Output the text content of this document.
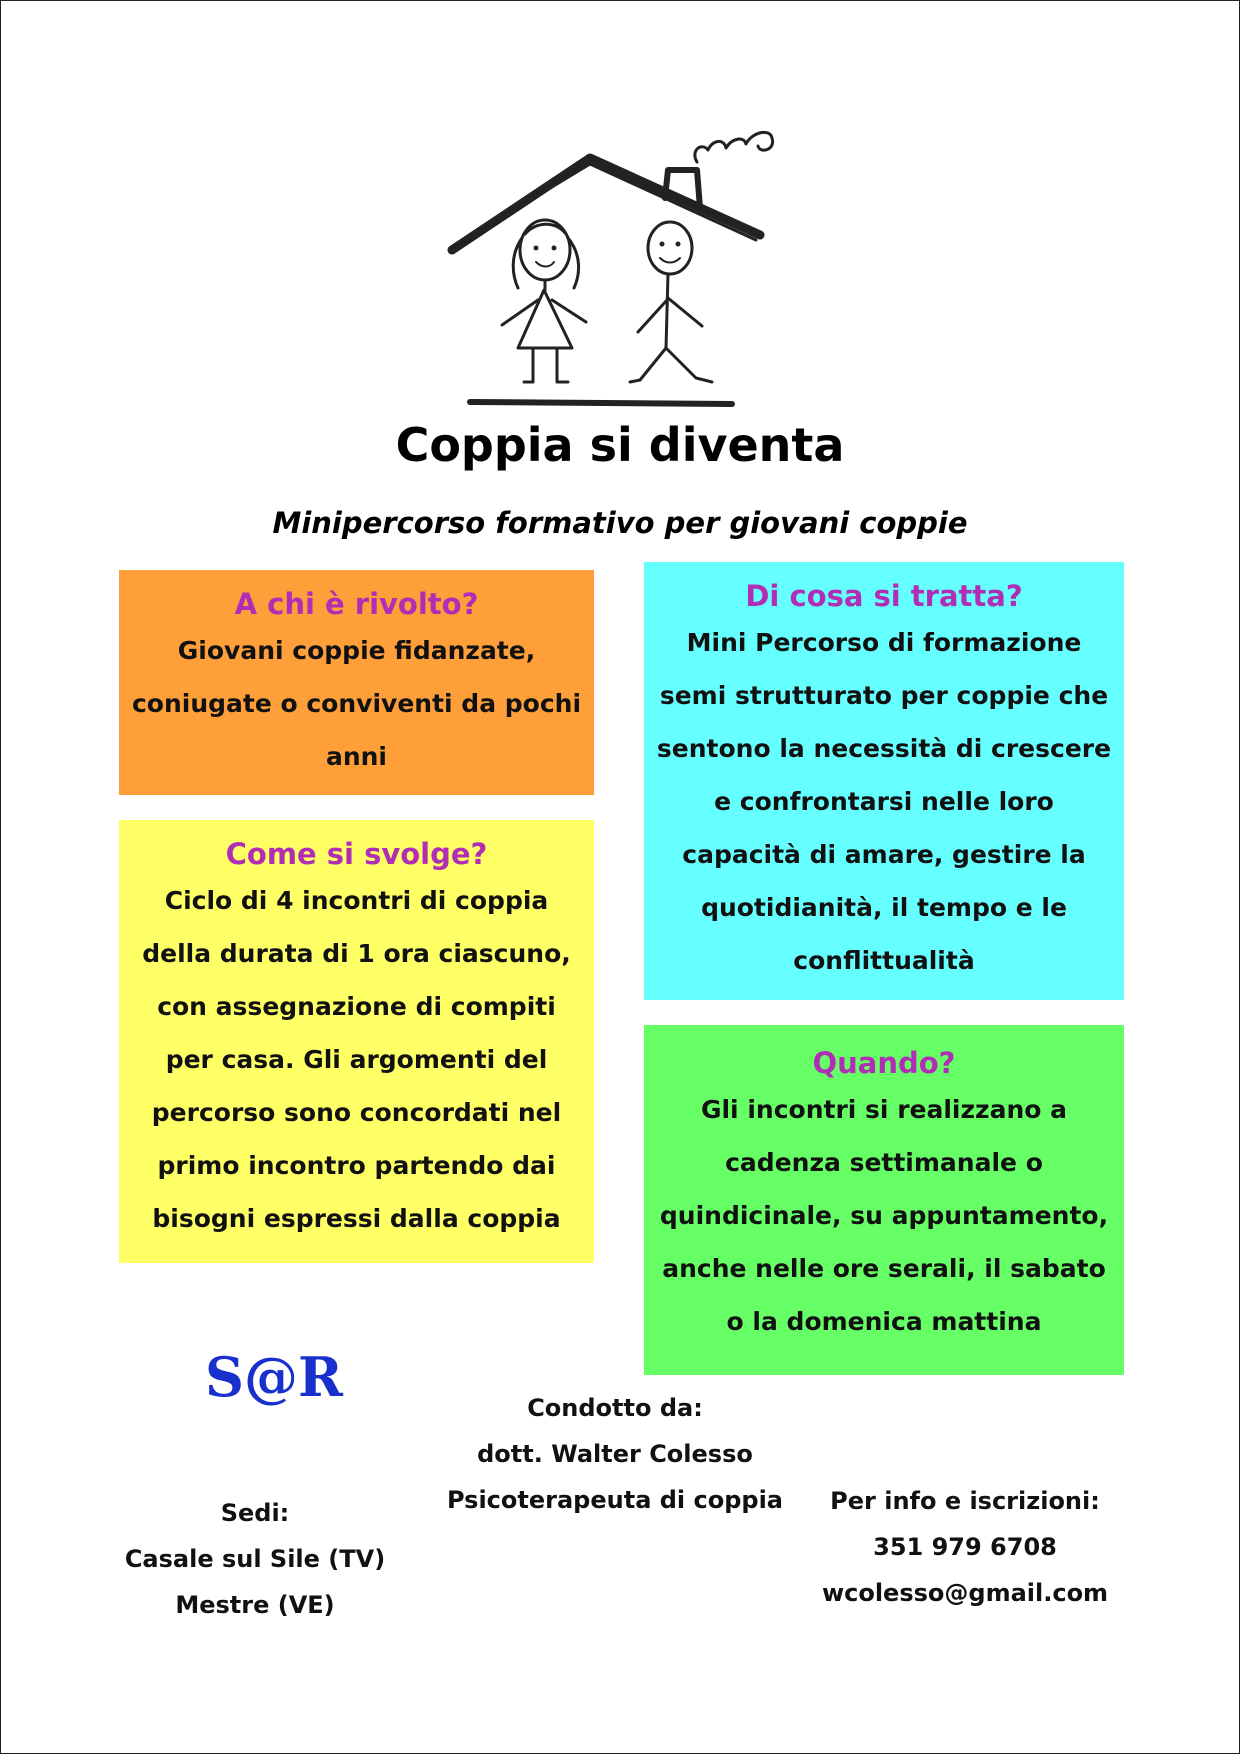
Coppia si diventa
Minipercorso formativo per giovani coppie
A chi è rivolto?

Giovani coppie fidanzate,

coniugate o conviventi da pochi

anni

Come si svolge?

Ciclo di 4 incontri di coppia

della durata di 1 ora ciascuno,

con assegnazione di compiti

per casa. Gli argomenti del

percorso sono concordati nel

primo incontro partendo dai

bisogni espressi dalla coppia

Di cosa si tratta?

Mini Percorso di formazione

semi strutturato per coppie che

sentono la necessità di crescere

e confrontarsi nelle loro

capacità di amare, gestire la

quotidianità, il tempo e le

conflittualità

Quando?

Gli incontri si realizzano a

cadenza settimanale o

quindicinale, su appuntamento,

anche nelle ore serali, il sabato

o la domenica mattina

S@R	Condotto da:
dott. Walter Colesso
Psicoterapeuta di coppia
Sedi:
Casale sul Sile (TV)
Mestre (VE)
Per info e iscrizioni:
351 979 6708
wcolesso@gmail.com
